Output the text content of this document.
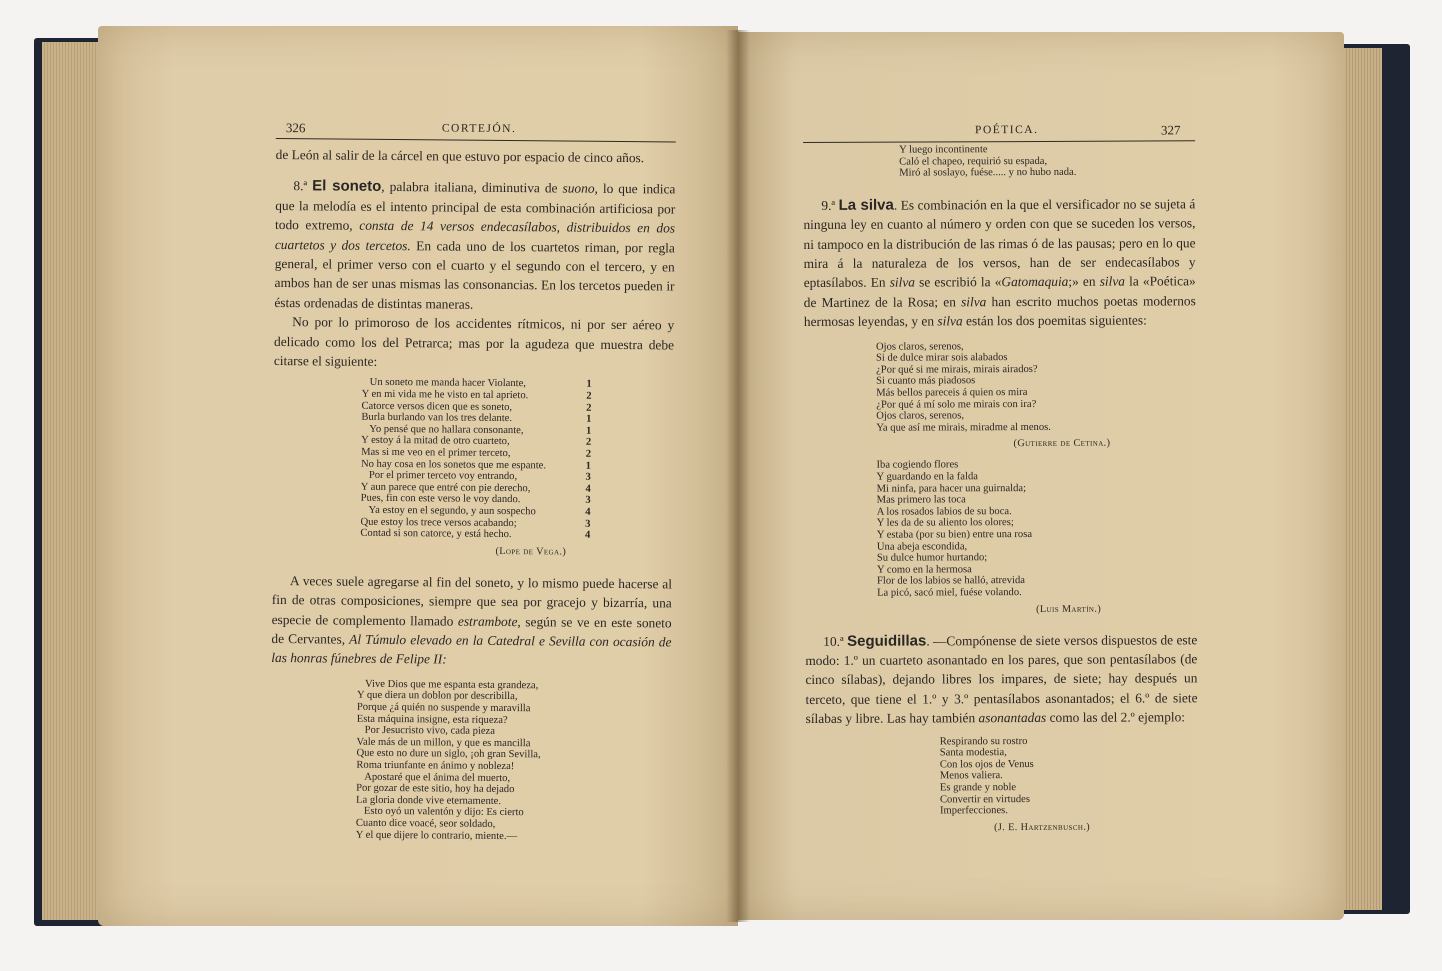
326	CORTEJÓN.

de León al salir de la cárcel en que estuvo por espacio de cinco años.

8.ª El soneto, palabra italiana, diminutiva de suono, lo que indica que la melodía es el intento principal de esta combinación artificiosa por todo extremo, consta de 14 versos endecasílabos, distribuidos en dos cuartetos y dos tercetos. En cada uno de los cuartetos riman, por regla general, el primer verso con el cuarto y el segundo con el tercero, y en ambos han de ser unas mismas las consonancias. En los tercetos pueden ir éstas ordenadas de distintas maneras.

No por lo primoroso de los accidentes rítmicos, ni por ser aéreo y delicado como los del Petrarca; mas por la agudeza que muestra debe citarse el siguiente:

Un soneto me manda hacer Violante,	1
Y en mi vida me he visto en tal aprieto.	2
Catorce versos dicen que es soneto,	2
Burla burlando van los tres delante.	1
Yo pensé que no hallara consonante,	1
Y estoy á la mitad de otro cuarteto,	2
Mas si me veo en el primer terceto,	2
No hay cosa en los sonetos que me espante.	1
Por el primer terceto voy entrando,	3
Y aun parece que entré con pie derecho,	4
Pues, fin con este verso le voy dando.	3
Ya estoy en el segundo, y aun sospecho	4
Que estoy los trece versos acabando;	3
Contad si son catorce, y está hecho.	4
(Lope de Vega.)

A veces suele agregarse al fin del soneto, y lo mismo puede hacerse al fin de otras composiciones, siempre que sea por gracejo y bizarría, una especie de complemento llamado estrambote, según se ve en este soneto de Cervantes, Al Túmulo elevado en la Catedral e Sevilla con ocasión de las honras fúnebres de Felipe II:

Vive Dios que me espanta esta grandeza,
Y que diera un doblon por describilla,
Porque ¿á quién no suspende y maravilla
Esta máquina insigne, esta riqueza?
Por Jesucristo vivo, cada pieza
Vale más de un millon, y que es mancilla
Que esto no dure un siglo, ¡oh gran Sevilla,
Roma triunfante en ánimo y nobleza!
Apostaré que el ánima del muerto,
Por gozar de este sitio, hoy ha dejado
La gloria donde vive eternamente.
Esto oyó un valentón y dijo: Es cierto
Cuanto dice voacé, seor soldado,
Y el que dijere lo contrario, miente.—
POÉTICA.	327
Y luego incontinente
Caló el chapeo, requirió su espada,
Miró al soslayo, fuése..... y no hubo nada.

9.ª La silva. Es combinación en la que el versificador no se sujeta á ninguna ley en cuanto al número y orden con que se suceden los versos, ni tampoco en la distribución de las rimas ó de las pausas; pero en lo que mira á la naturaleza de los versos, han de ser endecasílabos y eptasílabos. En silva se escribió la «Gatomaquia;» en silva la «Poética» de Martinez de la Rosa; en silva han escrito muchos poetas modernos hermosas leyendas, y en silva están los dos poemitas siguientes:

Ojos claros, serenos,
Si de dulce mirar sois alabados
¿Por qué si me mirais, mirais airados?
Si cuanto más piadosos
Más bellos pareceis á quien os mira
¿Por qué á mí solo me mirais con ira?
Ojos claros, serenos,
Ya que así me mirais, miradme al menos.
(Gutierre de Cetina.)
Iba cogiendo flores
Y guardando en la falda
Mi ninfa, para hacer una guirnalda;
Mas primero las toca
A los rosados labios de su boca.
Y les da de su aliento los olores;
Y estaba (por su bien) entre una rosa
Una abeja escondida,
Su dulce humor hurtando;
Y como en la hermosa
Flor de los labios se halló, atrevida
La picó, sacó miel, fuése volando.
(Luis Martín.)

10.ª Seguidillas. —Compónense de siete versos dispuestos de este modo: 1.º un cuarteto asonantado en los pares, que son pentasílabos (de cinco sílabas), dejando libres los impares, de siete; hay después un terceto, que tiene el 1.º y 3.º pentasílabos asonantados; el 6.º de siete sílabas y libre. Las hay también asonantadas como las del 2.º ejemplo:

Respirando su rostro
Santa modestia,
Con los ojos de Venus
Menos valiera.
Es grande y noble
Convertir en virtudes
Imperfecciones.
(J. E. Hartzenbusch.)
